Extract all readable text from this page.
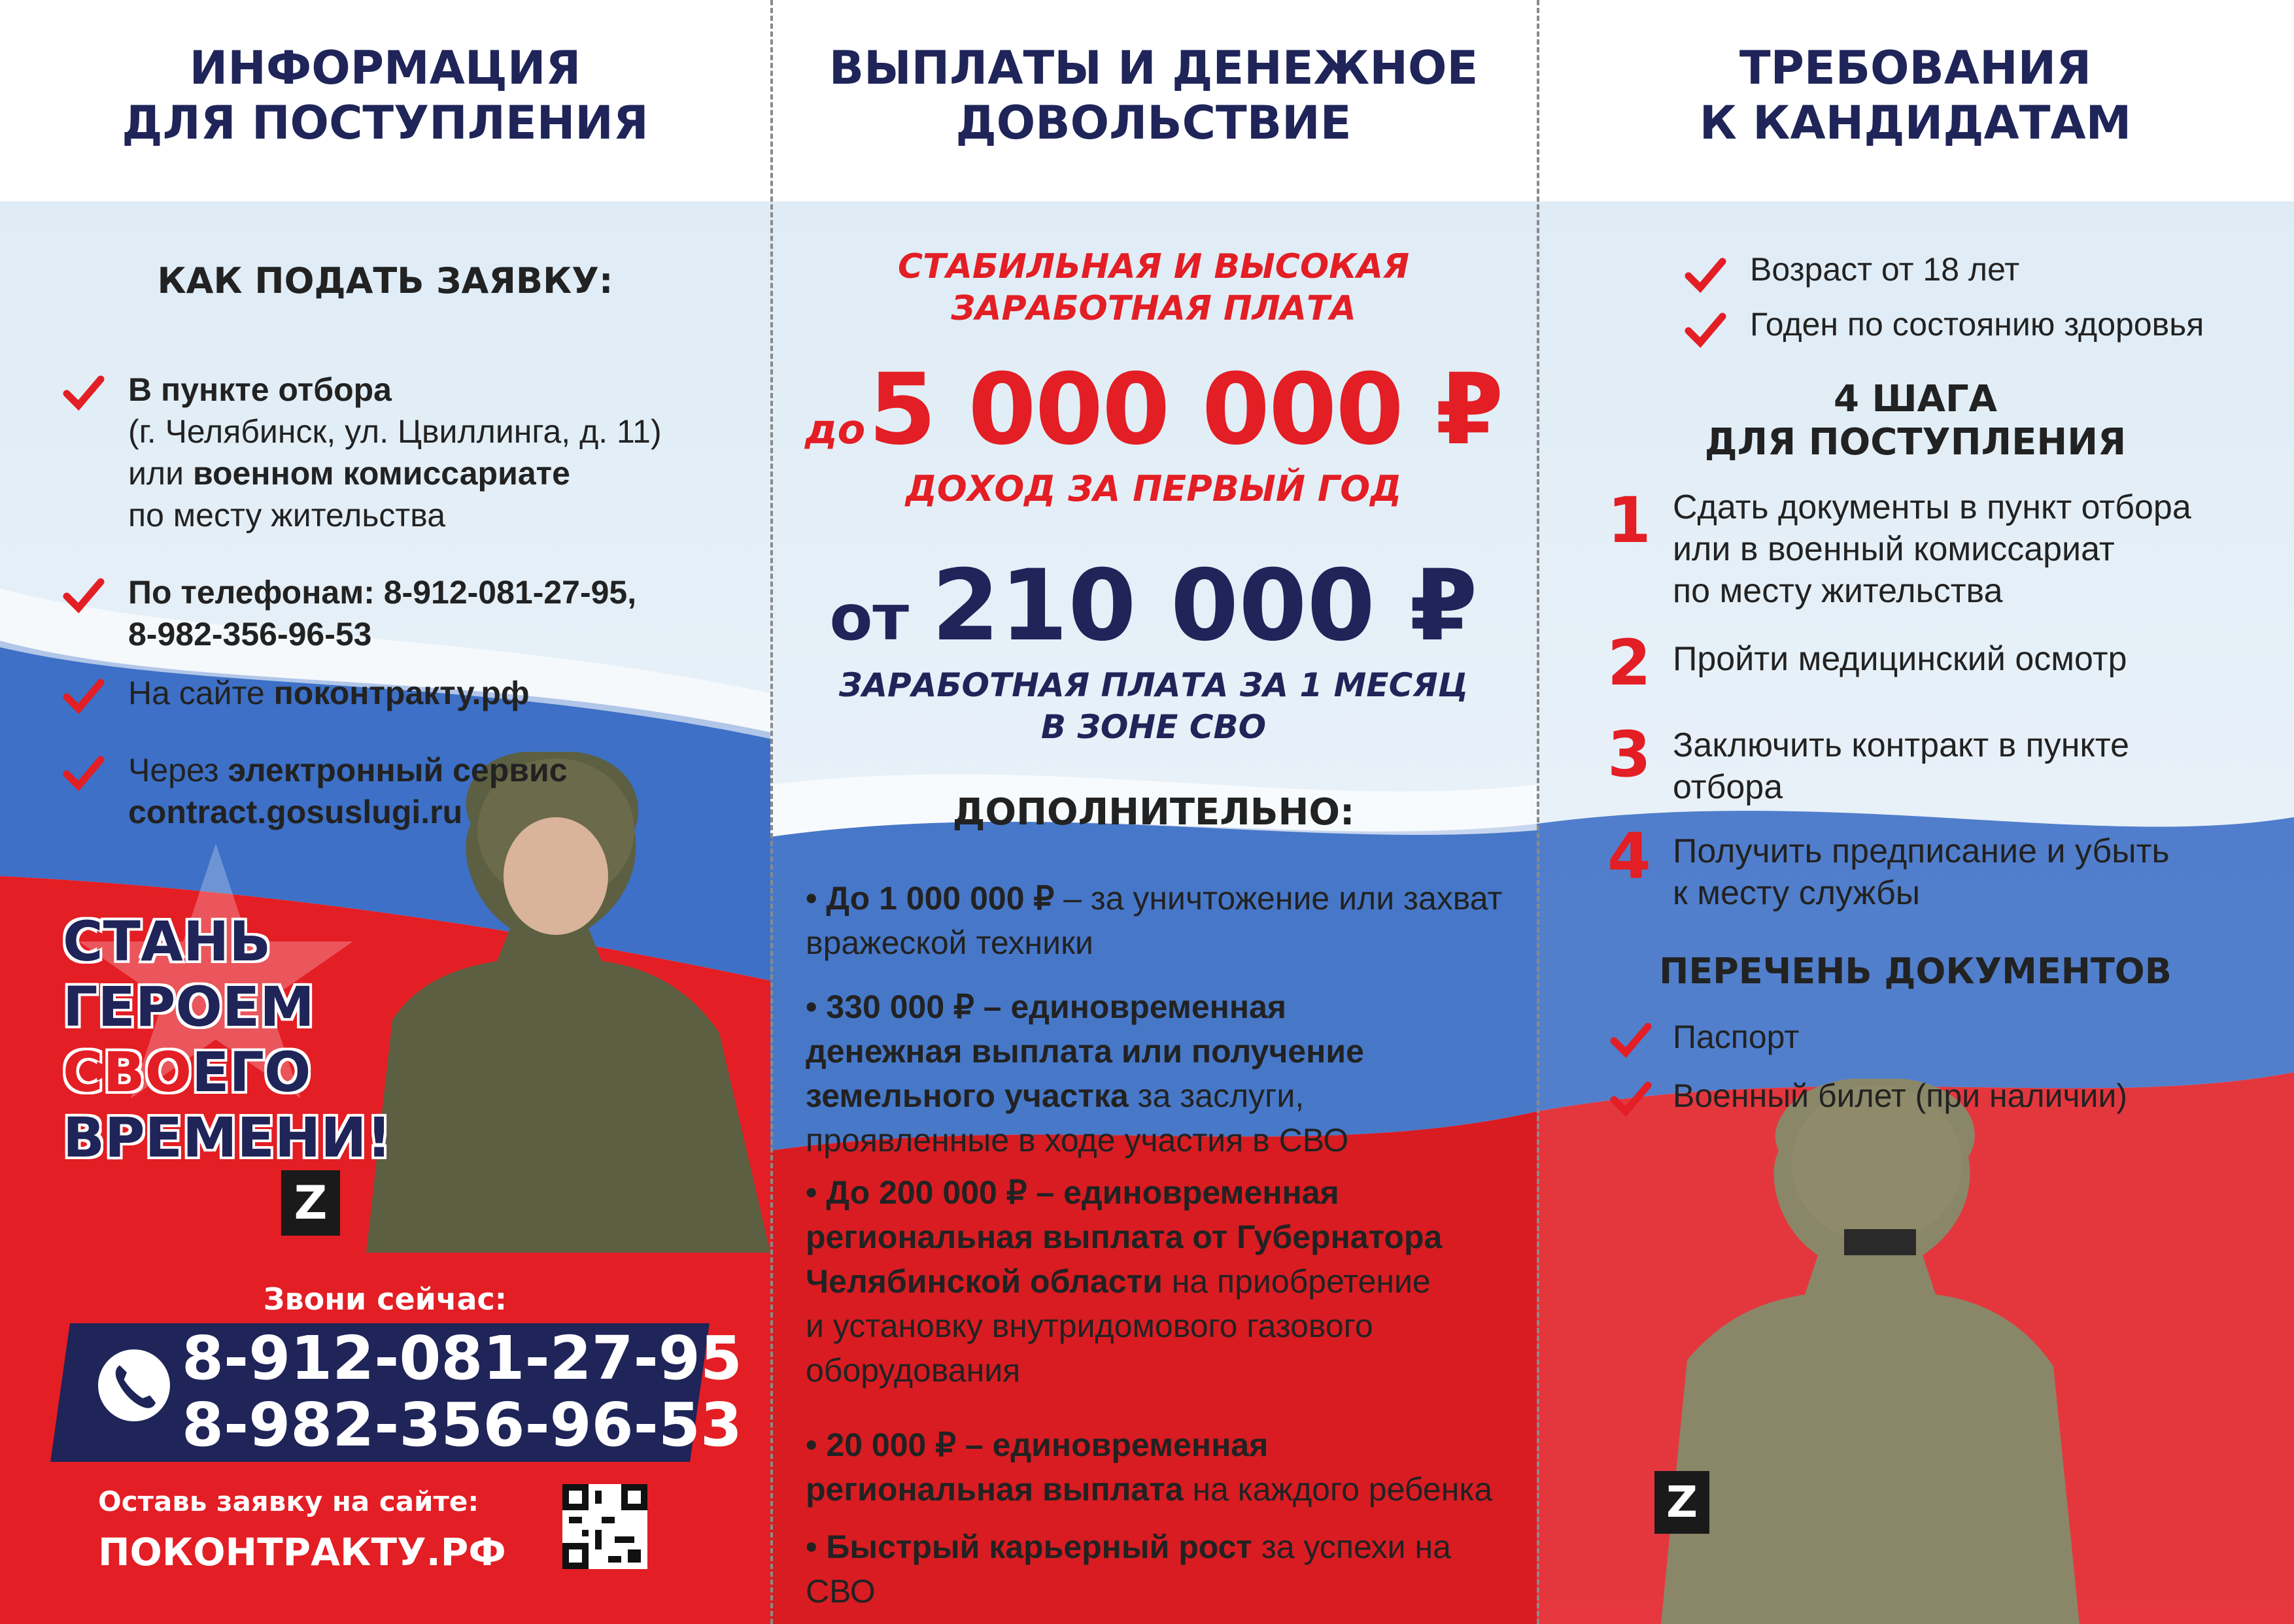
ИНФОРМАЦИЯ
ДЛЯ ПОСТУПЛЕНИЯ
КАК ПОДАТЬ ЗАЯВКУ:
В пункте отбора
(г. Челябинск, ул. Цвиллинга, д. 11)
или военном комиссариате
по месту жительства
По телефонам: 8-912-081-27-95,
8-982-356-96-53
На сайте поконтракту.рф
Через электронный сервис
contract.gosuslugi.ru
СТАНЬ
ГЕРОЕМ
СВОЕГО
ВРЕМЕНИ!
Z
Звони сейчас:
8-912-081-27-95
8-982-356-96-53
Оставь заявку на сайте:
ПОКОНТРАКТУ.РФ
ВЫПЛАТЫ И ДЕНЕЖНОЕ
ДОВОЛЬСТВИЕ
СТАБИЛЬНАЯ И ВЫСОКАЯ
ЗАРАБОТНАЯ ПЛАТА
до 5 000 000 ₽
ДОХОД ЗА ПЕРВЫЙ ГОД
от 210 000 ₽
ЗАРАБОТНАЯ ПЛАТА ЗА 1 МЕСЯЦ
В ЗОНЕ СВО
ДОПОЛНИТЕЛЬНО:
• До 1 000 000 ₽ – за уничтожение или захват
вражеской техники
• 330 000 ₽ – единовременная
денежная выплата или получение
земельного участка за заслуги,
проявленные в ходе участия в СВО
• До 200 000 ₽ – единовременная
региональная выплата от Губернатора
Челябинской области на приобретение
и установку внутридомового газового
оборудования
• 20 000 ₽ – единовременная
региональная выплата на каждого ребенка
• Быстрый карьерный рост за успехи на СВО
ТРЕБОВАНИЯ
К КАНДИДАТАМ
Возраст от 18 лет
Годен по состоянию здоровья
4 ШАГА
ДЛЯ ПОСТУПЛЕНИЯ
1 Сдать документы в пункт отбора
или в военный комиссариат
по месту жительства
2 Пройти медицинский осмотр
3 Заключить контракт в пункте
отбора
4 Получить предписание и убыть
к месту службы
ПЕРЕЧЕНЬ ДОКУМЕНТОВ
Паспорт
Военный билет (при наличии)
Z
